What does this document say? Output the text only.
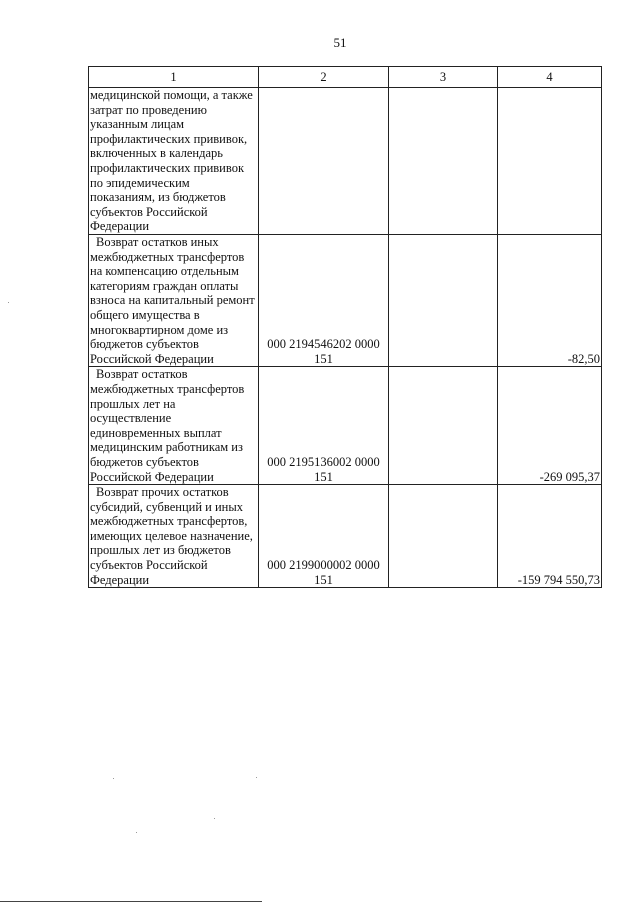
51
1	2	3	4
медицинской помощи, а также затрат по проведению указанным лицам профилактических прививок, включенных в календарь профилактических прививок по эпидемическим показаниям, из бюджетов субъектов Российской Федерации			
Возврат остатков иных межбюджетных трансфертов на компенсацию отдельным категориям граждан оплаты взноса на капитальный ремонт общего имущества в многоквартирном доме из бюджетов субъектов Российской Федерации	000 2194546202 0000 151		-82,50
Возврат остатков межбюджетных трансфертов прошлых лет на осуществление единовременных выплат медицинским работникам из бюджетов субъектов Российской Федерации	000 2195136002 0000 151		-269 095,37
Возврат прочих остатков субсидий, субвенций и иных межбюджетных трансфертов, имеющих целевое назначение, прошлых лет из бюджетов субъектов Российской Федерации	000 2199000002 0000 151		-159 794 550,73
